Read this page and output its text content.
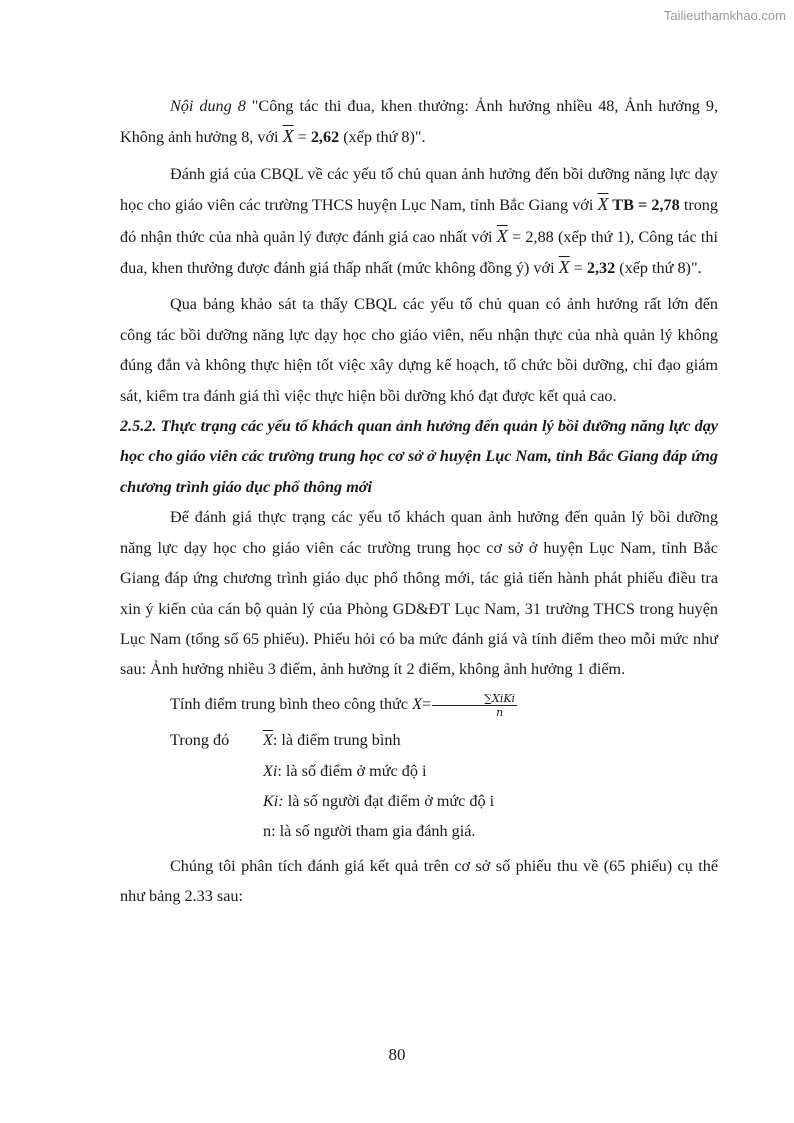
Tailieuthamkhao.com

Nội dung 8 "Công tác thi đua, khen thưởng: Ảnh hưởng nhiều 48, Ảnh hưởng 9, Không ảnh hưởng 8, với $\overline{X} = 2,62$ (xếp thứ 8)".

Đánh giá của CBQL về các yếu tố chủ quan ảnh hưởng đến bồi dưỡng năng lực dạy học cho giáo viên các trường THCS huyện Lục Nam, tỉnh Bắc Giang với $\overline{X}$ TB = 2,78 trong đó nhận thức của nhà quản lý được đánh giá cao nhất với $\overline{X} = 2,88$ (xếp thứ 1), Công tác thi đua, khen thưởng được đánh giá thấp nhất (mức không đồng ý) với $\overline{X} = 2,32$ (xếp thứ 8)".

Qua bảng khảo sát ta thấy CBQL các yếu tố chủ quan có ảnh hưởng rất lớn đến công tác bồi dưỡng năng lực dạy học cho giáo viên, nếu nhận thực của nhà quản lý không đúng đắn và không thực hiện tốt việc xây dựng kế hoạch, tổ chức bồi dưỡng, chỉ đạo giám sát, kiểm tra đánh giá thì việc thực hiện bồi dưỡng khó đạt được kết quả cao.

2.5.2. Thực trạng các yếu tố khách quan ảnh hưởng đến quản lý bồi dưỡng năng lực dạy học cho giáo viên các trường trung học cơ sở ở huyện Lục Nam, tỉnh Bắc Giang đáp ứng chương trình giáo dục phổ thông mới

Để đánh giá thực trạng các yếu tố khách quan ảnh hưởng đến quản lý bồi dưỡng năng lực dạy học cho giáo viên các trường trung học cơ sở ở huyện Lục Nam, tỉnh Bắc Giang đáp ứng chương trình giáo dục phổ thông mới, tác giả tiến hành phát phiếu điều tra xin ý kiến của cán bộ quản lý của Phòng GD&ĐT Lục Nam, 31 trường THCS trong huyện Lục Nam (tổng số 65 phiếu). Phiếu hỏi có ba mức đánh giá và tính điểm theo mỗi mức như sau: Ảnh hưởng nhiều 3 điểm, ảnh hưởng ít 2 điểm, không ảnh hưởng 1 điểm.

Tính điểm trung bình theo công thức $X= \frac{\text{∑XiKi}}{n}$

Trong đó	$\overline{X}$: là điểm trung bình
Xi: là số điểm ở mức độ i
Ki: là số người đạt điểm ở mức độ i
n: là số người tham gia đánh giá.

Chúng tôi phân tích đánh giá kết quả trên cơ sở số phiếu thu về (65 phiếu) cụ thể như bảng 2.33 sau:

80
